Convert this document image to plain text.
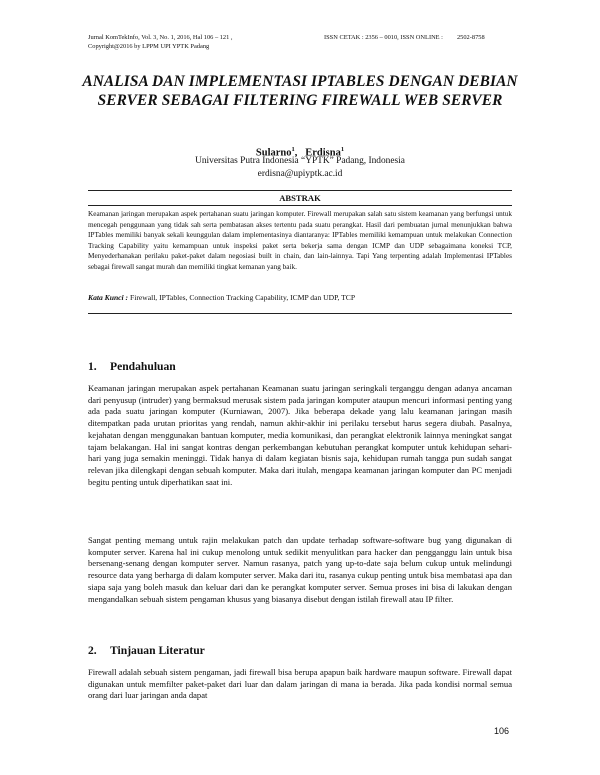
Jurnal KomTekInfo, Vol. 3, No. 1, 2016, Hal 106 – 121 ,
Copyright@2016 by LPPM UPI YPTK Padang
ISSN CETAK : 2356 – 0010, ISSN ONLINE : 2502-8758
ANALISA DAN IMPLEMENTASI IPTABLES DENGAN DEBIAN SERVER SEBAGAI FILTERING FIREWALL WEB SERVER
Sularno$^1$, Erdisna$^1$
Universitas Putra Indonesia “YPTK” Padang, Indonesia
erdisna@upiyptk.ac.id
ABSTRAK

Keamanan jaringan merupakan aspek pertahanan suatu jaringan komputer. Firewall merupakan salah satu sistem keamanan yang berfungsi untuk mencegah penggunaan yang tidak sah serta pembatasan akses tertentu pada suatu perangkat. Hasil dari pembuatan jurnal menunjukkan bahwa IPTables memiliki banyak sekali keunggulan dalam implementasinya diantaranya: IPTables memiliki kemampuan untuk melakukan Connection Tracking Capability yaitu kemampuan untuk inspeksi paket serta bekerja sama dengan ICMP dan UDP sebagaimana koneksi TCP, Menyederhanakan perilaku paket-paket dalam negosiasi built in chain, dan lain-lainnya. Tapi Yang terpenting adalah Implementasi IPTables sebagai firewall sangat murah dan memiliki tingkat kemanan yang baik.

Kata Kunci : Firewall, IPTables, Connection Tracking Capability, ICMP dan UDP, TCP

1. Pendahuluan

Keamanan jaringan merupakan aspek pertahanan Keamanan suatu jaringan seringkali terganggu dengan adanya ancaman dari penyusup (intruder) yang bermaksud merusak sistem pada jaringan komputer ataupun mencuri informasi penting yang ada pada suatu jaringan komputer (Kurniawan, 2007). Jika beberapa dekade yang lalu keamanan jaringan masih ditempatkan pada urutan prioritas yang rendah, namun akhir-akhir ini perilaku tersebut harus segera diubah. Pasalnya, kejahatan dengan menggunakan bantuan komputer, media komunikasi, dan perangkat elektronik lainnya meningkat sangat tajam belakangan. Hal ini sangat kontras dengan perkembangan kebutuhan perangkat komputer untuk kehidupan sehari-hari yang juga semakin meninggi. Tidak hanya di dalam kegiatan bisnis saja, kehidupan rumah tangga pun sudah sangat relevan jika dilengkapi dengan sebuah komputer. Maka dari itulah, mengapa keamanan jaringan komputer dan PC menjadi begitu penting untuk diperhatikan saat ini.

Sangat penting memang untuk rajin melakukan patch dan update terhadap software-software bug yang digunakan di komputer server. Karena hal ini cukup menolong untuk sedikit menyulitkan para hacker dan pengganggu lain untuk bisa bersenang-senang dengan komputer server. Namun rasanya, patch yang up-to-date saja belum cukup untuk melindungi resource data yang berharga di dalam komputer server. Maka dari itu, rasanya cukup penting untuk bisa membatasi apa dan siapa saja yang boleh masuk dan keluar dari dan ke perangkat komputer server. Semua proses ini bisa di lakukan dengan mengandalkan sebuah sistem pengaman khusus yang biasanya disebut dengan istilah firewall atau IP filter.

2. Tinjauan Literatur

Firewall adalah sebuah sistem pengaman, jadi firewall bisa berupa apapun baik hardware maupun software. Firewall dapat digunakan untuk memfilter paket-paket dari luar dan dalam jaringan di mana ia berada. Jika pada kondisi normal semua orang dari luar jaringan anda dapat

106
